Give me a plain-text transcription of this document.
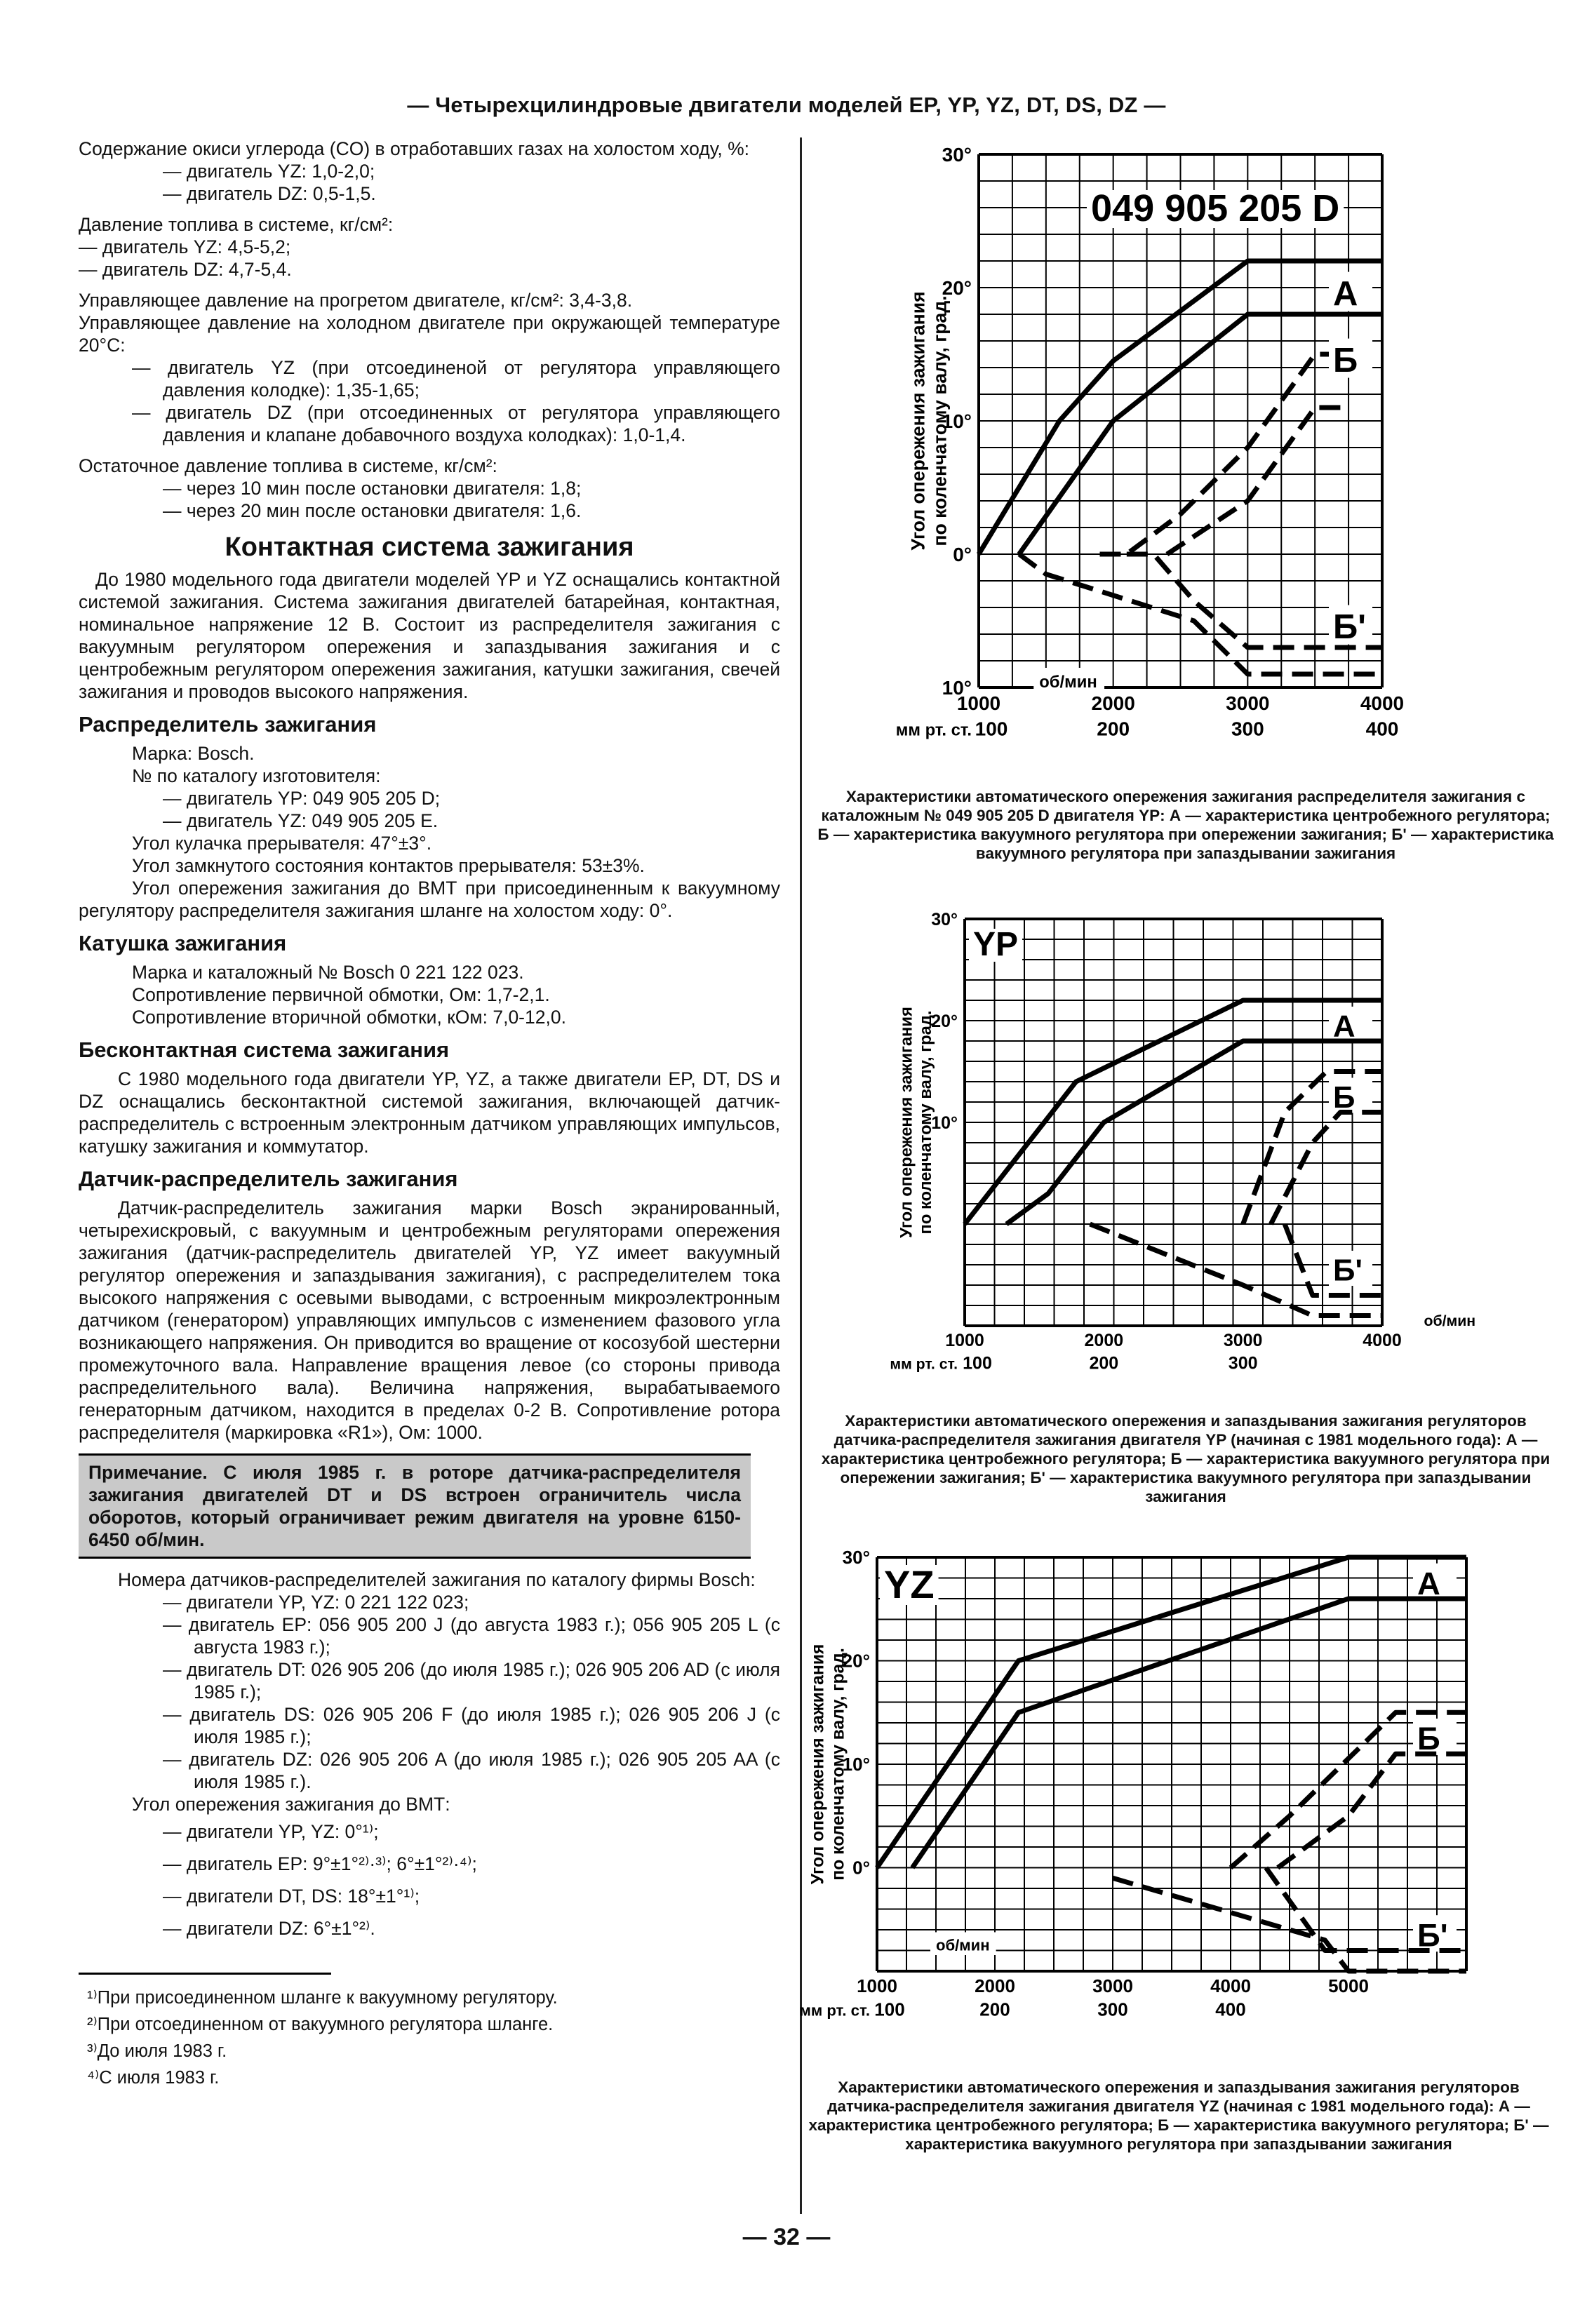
— Четырехцилиндровые двигатели моделей EP, YP, YZ, DT, DS, DZ —

Содержание окиси углерода (CO) в отработавших газах на холостом ходу, %:

— двигатель YZ: 1,0-2,0;

— двигатель DZ: 0,5-1,5.

Давление топлива в системе, кг/см²:

— двигатель YZ: 4,5-5,2;

— двигатель DZ: 4,7-5,4.

Управляющее давление на прогретом двигателе, кг/см²: 3,4-3,8.

Управляющее давление на холодном двигателе при окружающей температуре 20°С:

— двигатель YZ (при отсоединеной от регулятора управляющего давления колодке): 1,35-1,65;

— двигатель DZ (при отсоединенных от регулятора управляющего давления и клапане добавочного воздуха колодках): 1,0-1,4.

Остаточное давление топлива в системе, кг/см²:

— через 10 мин после остановки двигателя: 1,8;

— через 20 мин после остановки двигателя: 1,6.

Контактная система зажигания

До 1980 модельного года двигатели моделей YP и YZ оснащались контактной системой зажигания. Система зажигания двигателей батарейная, контактная, номинальное напряжение 12 В. Состоит из распределителя зажигания с вакуумным регулятором опережения и запаздывания зажигания и с центробежным регулятором опережения зажигания, катушки зажигания, свечей зажигания и проводов высокого напряжения.

Распределитель зажигания

Марка: Bosch.

№ по каталогу изготовителя:

— двигатель YP: 049 905 205 D;

— двигатель YZ: 049 905 205 E.

Угол кулачка прерывателя: 47°±3°.

Угол замкнутого состояния контактов прерывателя: 53±3%.

Угол опережения зажигания до ВМТ при присоединенным к вакуумному регулятору распределителя зажигания шланге на холостом ходу: 0°.

Катушка зажигания

Марка и каталожный № Bosch 0 221 122 023.

Сопротивление первичной обмотки, Ом: 1,7-2,1.

Сопротивление вторичной обмотки, кОм: 7,0-12,0.

Бесконтактная система зажигания

С 1980 модельного года двигатели YP, YZ, а также двигатели EP, DT, DS и DZ оснащались бесконтактной системой зажигания, включающей датчик-распределитель с встроенным электронным датчиком управляющих импульсов, катушку зажигания и коммутатор.

Датчик-распределитель зажигания

Датчик-распределитель зажигания марки Bosch экранированный, четырехискровый, с вакуумным и центробежным регуляторами опережения зажигания (датчик-распределитель двигателей YP, YZ имеет вакуумный регулятор опережения и запаздывания зажигания), с распределителем тока высокого напряжения с осевыми выводами, с встроенным микроэлектронным датчиком (генератором) управляющих импульсов с изменением фазового угла возникающего напряжения. Он приводится во вращение от косозубой шестерни промежуточного вала. Направление вращения левое (со стороны привода распределительного вала). Величина напряжения, вырабатываемого генераторным датчиком, находится в пределах 0-2 В. Сопротивление ротора распределителя (маркировка «R1»), Ом: 1000.

Примечание. С июля 1985 г. в роторе датчика-распределителя зажигания двигателей DT и DS встроен ограничитель числа оборотов, который ограничивает режим двигателя на уровне 6150-6450 об/мин.

Номера датчиков-распределителей зажигания по каталогу фирмы Bosch:

— двигатели YP, YZ: 0 221 122 023;

— двигатель EP: 056 905 200 J (до августа 1983 г.); 056 905 205 L (с августа 1983 г.);

— двигатель DT: 026 905 206 (до июля 1985 г.); 026 905 206 AD (с июля 1985 г.);

— двигатель DS: 026 905 206 F (до июля 1985 г.); 026 905 206 J (с июля 1985 г.);

— двигатель DZ: 026 905 206 A (до июля 1985 г.); 026 905 205 AA (с июля 1985 г.).

Угол опережения зажигания до ВМТ:

— двигатели YP, YZ: 0°¹⁾;

— двигатель EP: 9°±1°²⁾·³⁾; 6°±1°²⁾·⁴⁾;

— двигатели DT, DS: 18°±1°¹⁾;

— двигатели DZ: 6°±1°²⁾.

¹⁾При присоединенном шланге к вакуумному регулятору.

²⁾При отсоединенном от вакуумного регулятора шланге.

³⁾До июля 1983 г.

⁴⁾С июля 1983 г.

049 905 205 D
А
Б
Б'
30°
20°
10°
0°
10°
Угол опережения зажиганияпо коленчатому валу, град.
1000	2000	3000	4000
об/мин
мм рт. ст. 100	200	300	400
Характеристики автоматического опережения зажигания распределителя зажигания с каталожным № 049 905 205 D двигателя YP: А — характеристика центробежного регулятора; Б — характеристика вакуумного регулятора при опережении зажигания; Б' — характеристика вакуумного регулятора при запаздывании зажигания
YP
А
Б
Б'
30°
20°
10°
Угол опережения зажиганияпо коленчатому валу, град.
1000	2000	3000	4000
об/мин
мм рт. ст. 100	200	300
Характеристики автоматического опережения и запаздывания зажигания регуляторов датчика-распределителя зажигания двигателя YP (начиная с 1981 модельного года): А — характеристика центробежного регулятора; Б — характеристика вакуумного регулятора при опережении зажигания; Б' — характеристика вакуумного регулятора при запаздывании зажигания
YZ	А
Б
Б'
30°
20°
10°
0°
Угол опережения зажиганияпо коленчатому валу, град.
1000	2000	3000	4000	5000
об/мин
мм рт. ст. 100	200	300	400
Характеристики автоматического опережения и запаздывания зажигания регуляторов датчика-распределителя зажигания двигателя YZ (начиная с 1981 модельного года): А — характеристика центробежного регулятора; Б — характеристика вакуумного регулятора; Б' — характеристика вакуумного регулятора при запаздывании зажигания
— 32 —
